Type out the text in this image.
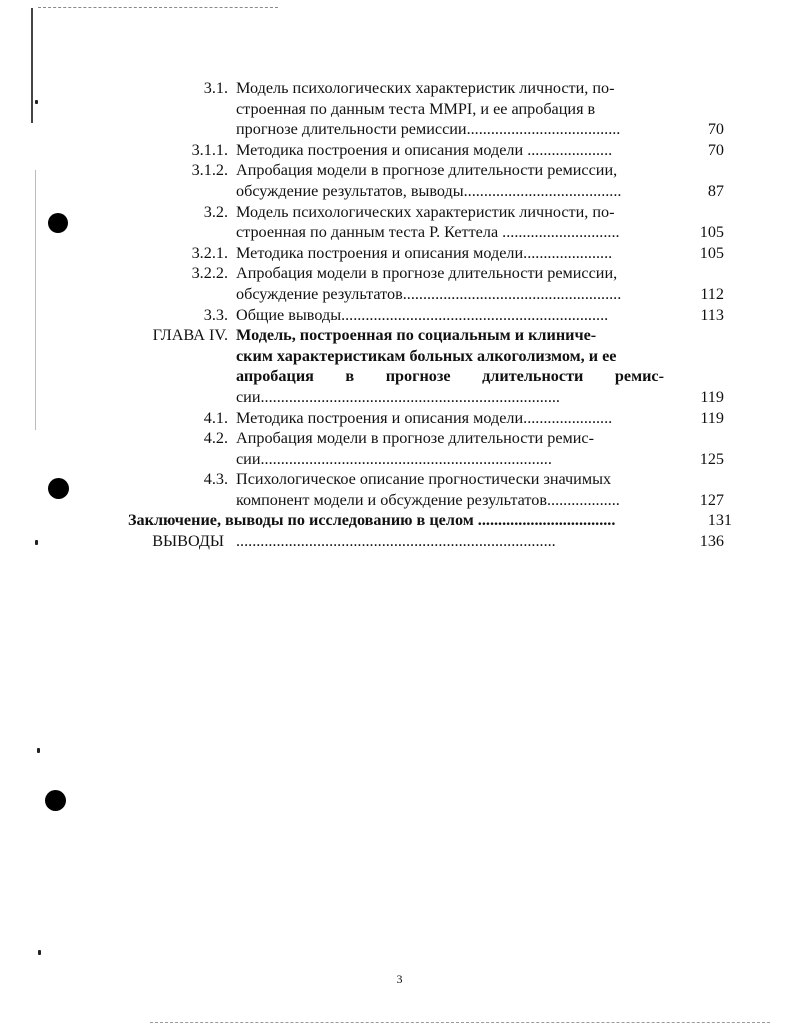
3.1. Модель психологических характеристик личности, по-
строенная по данным теста MMPI, и ее апробация в
прогнозе длительности ремиссии......................................	70
3.1.1. Методика построения и описания модели .....................	70
3.1.2. Апробация модели в прогнозе длительности ремиссии,
обсуждение результатов, выводы.......................................	87
3.2. Модель психологических характеристик личности, по-
строенная по данным теста Р. Кеттела .............................	105
3.2.1. Методика построения и описания модели......................	105
3.2.2. Апробация модели в прогнозе длительности ремиссии,
обсуждение результатов......................................................	112
3.3. Общие выводы..................................................................	113
ГЛАВА IV. Модель, построенная по социальным и клиниче-
ским характеристикам больных алкоголизмом, и ее
апробация в прогнозе длительности ремис-
сии..........................................................................	119
4.1. Методика построения и описания модели......................	119
4.2. Апробация модели в прогнозе длительности ремис-
сии........................................................................	125
4.3. Психологическое описание прогностически значимых
компонент модели и обсуждение результатов..................	127
Заключение, выводы по исследованию в целом ..................................	131
ВЫВОДЫ ...............................................................................	136
3
